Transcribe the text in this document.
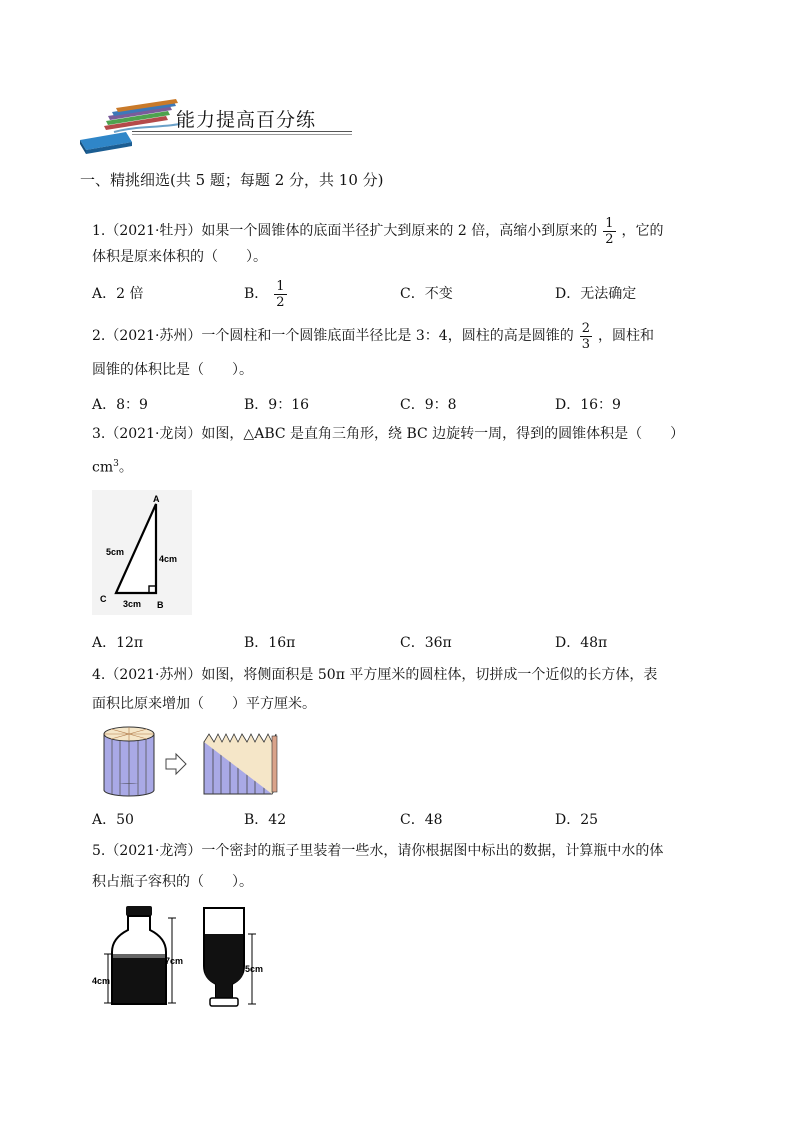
能力提高百分练
一、精挑细选(共 5 题；每题 2 分，共 10 分)
1.（2021·牡丹）如果一个圆锥体的底面半径扩大到原来的 2 倍，高缩小到原来的 $\frac{1}{2}$ ，它的
体积是原来体积的（　　）。
A．2 倍	B． $\frac{1}{2}$	C．不变	D．无法确定
2.（2021·苏州）一个圆柱和一个圆锥底面半径比是 3：4，圆柱的高是圆锥的 $\frac{2}{3}$ ，圆柱和
圆锥的体积比是（　　）。
A．8：9	B．9：16	C．9：8	D．16：9
3.（2021·龙岗）如图，△ABC 是直角三角形，绕 BC 边旋转一周，得到的圆锥体积是（　　）
$cm^3$。
A
C
B
5cm
4cm
3cm
A．12π	B．16π	C．36π	D．48π
4.（2021·苏州）如图，将侧面积是 50π 平方厘米的圆柱体，切拼成一个近似的长方体，表
面积比原来增加（　　）平方厘米。
A．50	B．42	C．48	D．25
5.（2021·龙湾）一个密封的瓶子里装着一些水，请你根据图中标出的数据，计算瓶中水的体
积占瓶子容积的（　　）。
4cm
7cm
5cm
